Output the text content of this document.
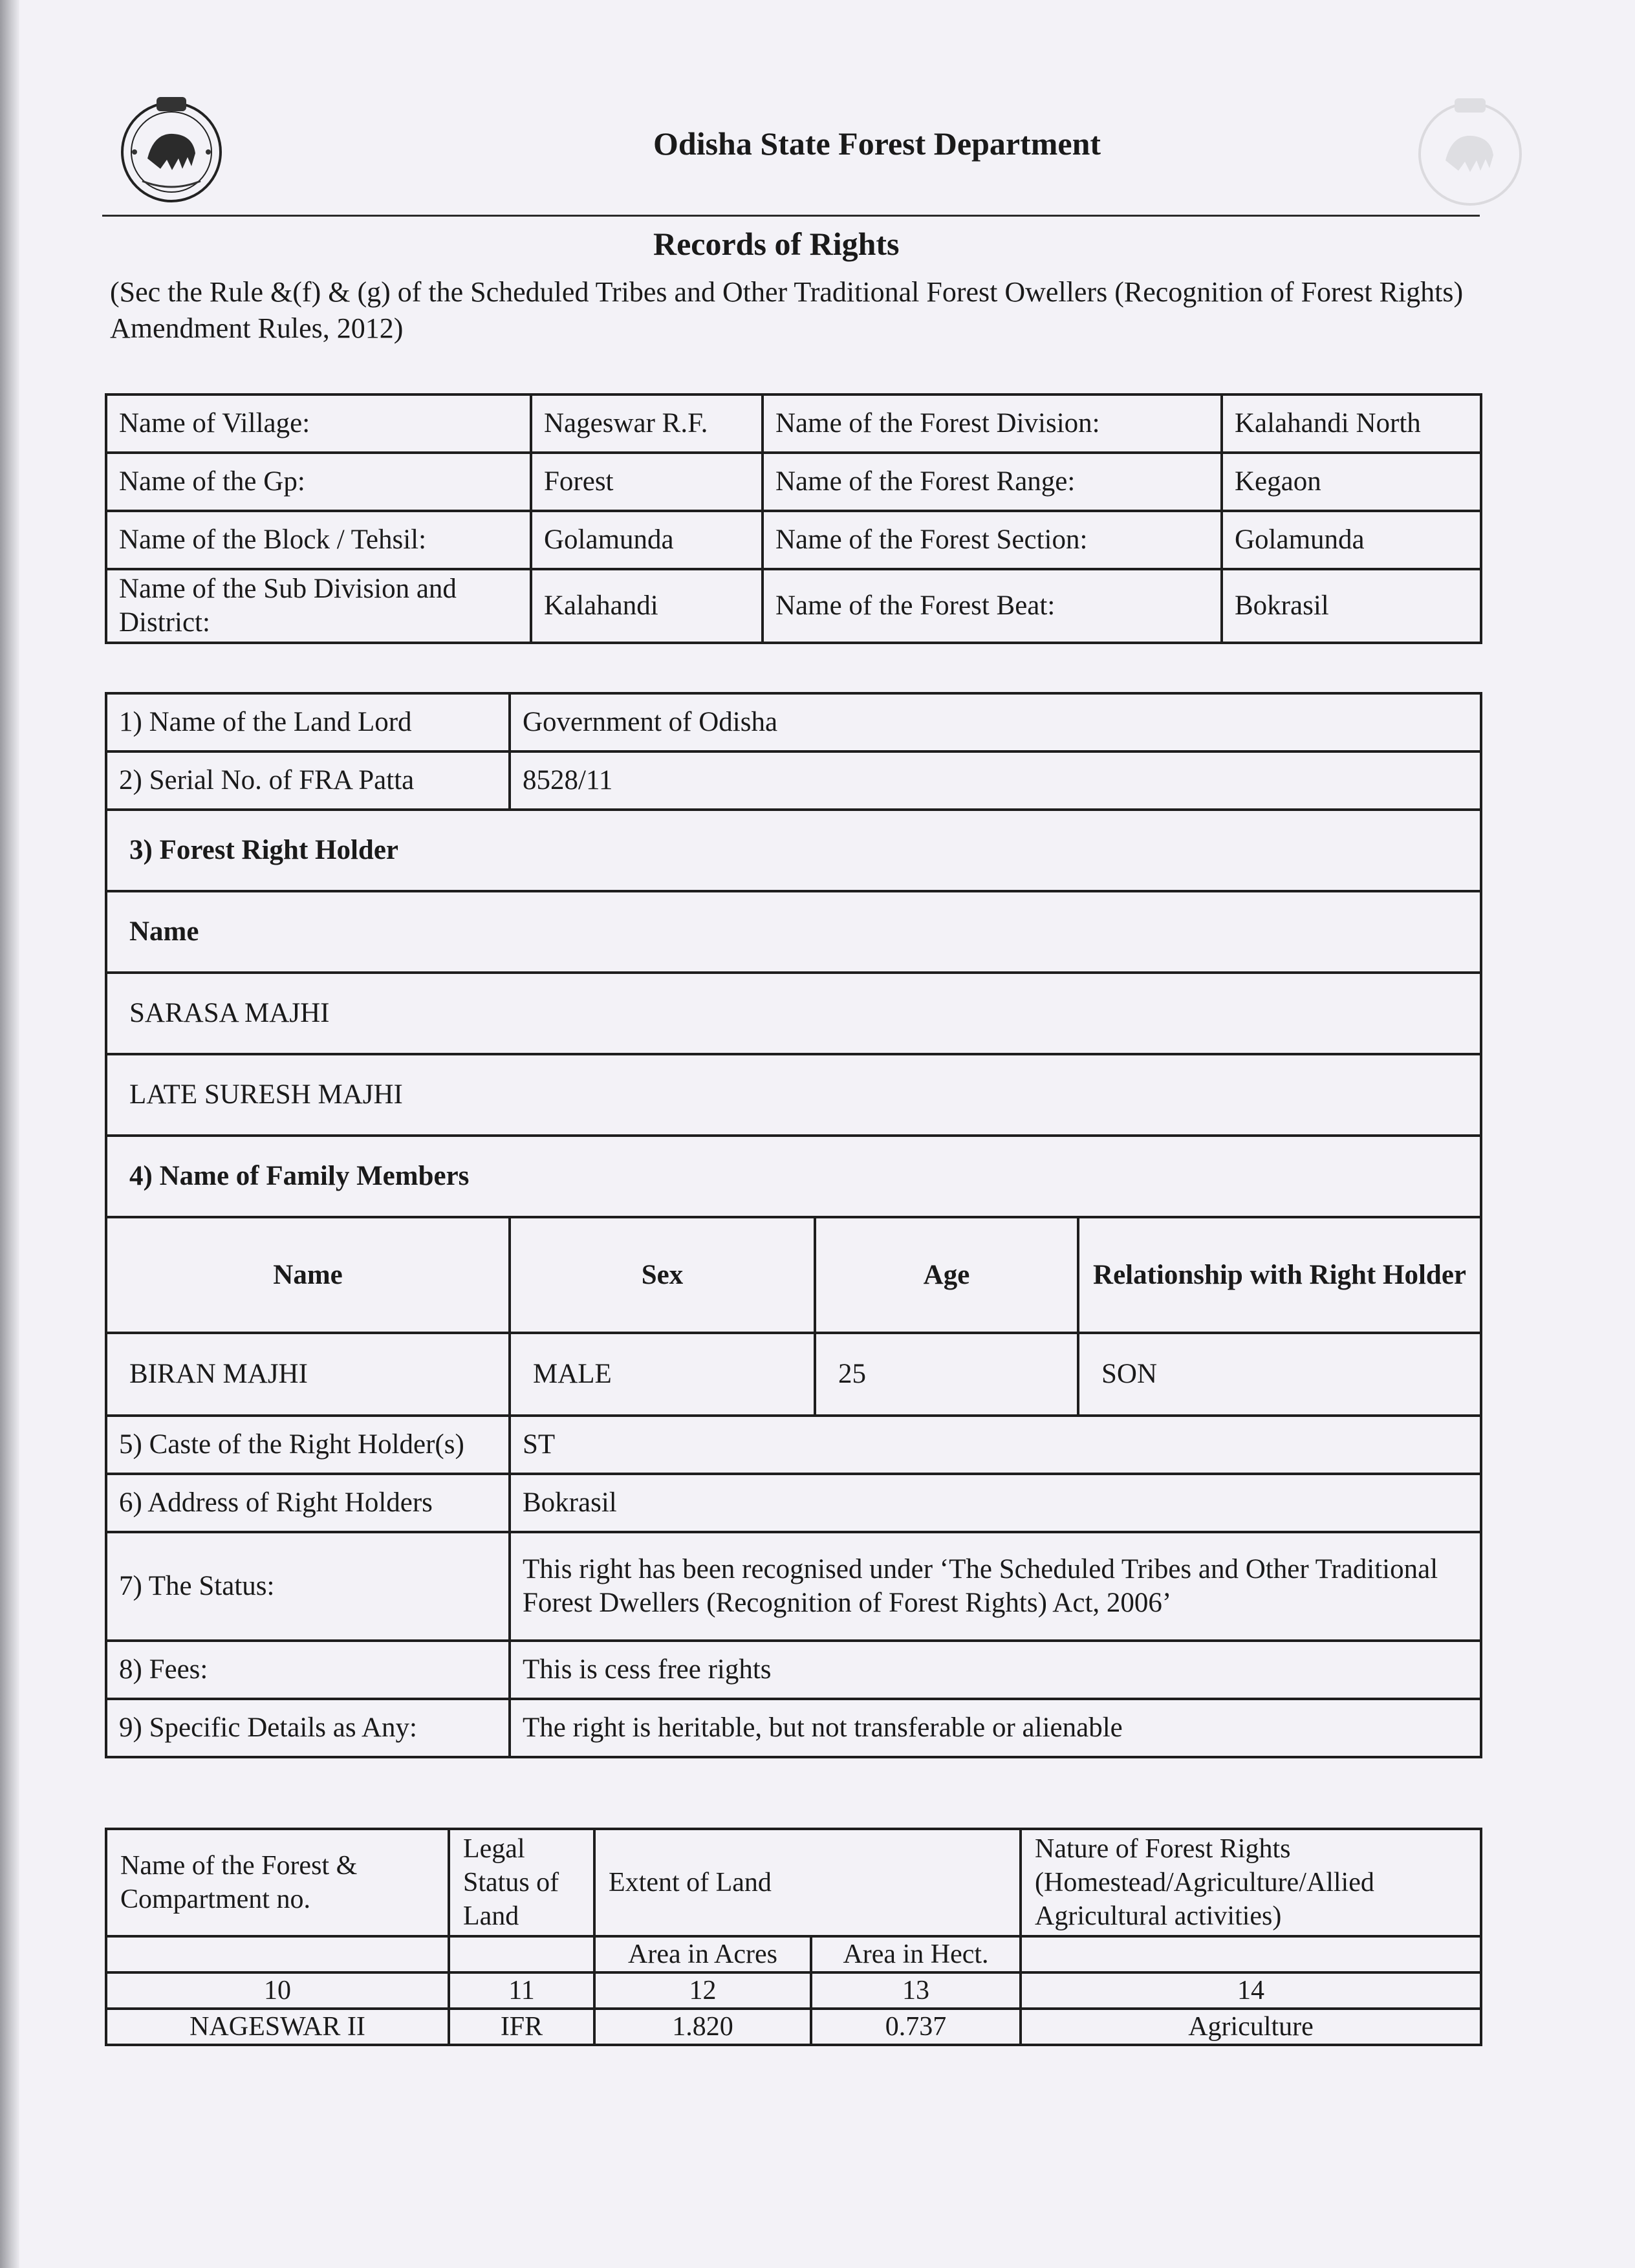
Odisha State Forest Department
Records of Rights
(Sec the Rule &(f) & (g) of the Scheduled Tribes and Other Traditional Forest Owellers (Recognition of Forest Rights) Amendment Rules, 2012)
Name of Village:	Nageswar R.F.	Name of the Forest Division:	Kalahandi North
Name of the Gp:	Forest	Name of the Forest Range:	Kegaon
Name of the Block / Tehsil:	Golamunda	Name of the Forest Section:	Golamunda
Name of the Sub Division and District:	Kalahandi	Name of the Forest Beat:	Bokrasil
1) Name of the Land Lord	Government of Odisha		
2) Serial No. of FRA Patta	8528/11		
3) Forest Right Holder			
Name			
SARASA MAJHI			
LATE SURESH MAJHI			
4) Name of Family Members			
Name	Sex	Age	Relationship with Right Holder
BIRAN MAJHI	MALE	25	SON
5) Caste of the Right Holder(s)	ST		
6) Address of Right Holders	Bokrasil		
7) The Status:	This right has been recognised under ‘The Scheduled Tribes and Other Traditional Forest Dwellers (Recognition of Forest Rights) Act, 2006’		
8) Fees:	This is cess free rights		
9) Specific Details as Any:	The right is heritable, but not transferable or alienable		
Name of the Forest & Compartment no.	Legal Status of Land	Extent of Land		Nature of Forest Rights (Homestead/Agriculture/Allied Agricultural activities)
		Area in Acres	Area in Hect.	
10	11	12	13	14
NAGESWAR II	IFR	1.820	0.737	Agriculture
